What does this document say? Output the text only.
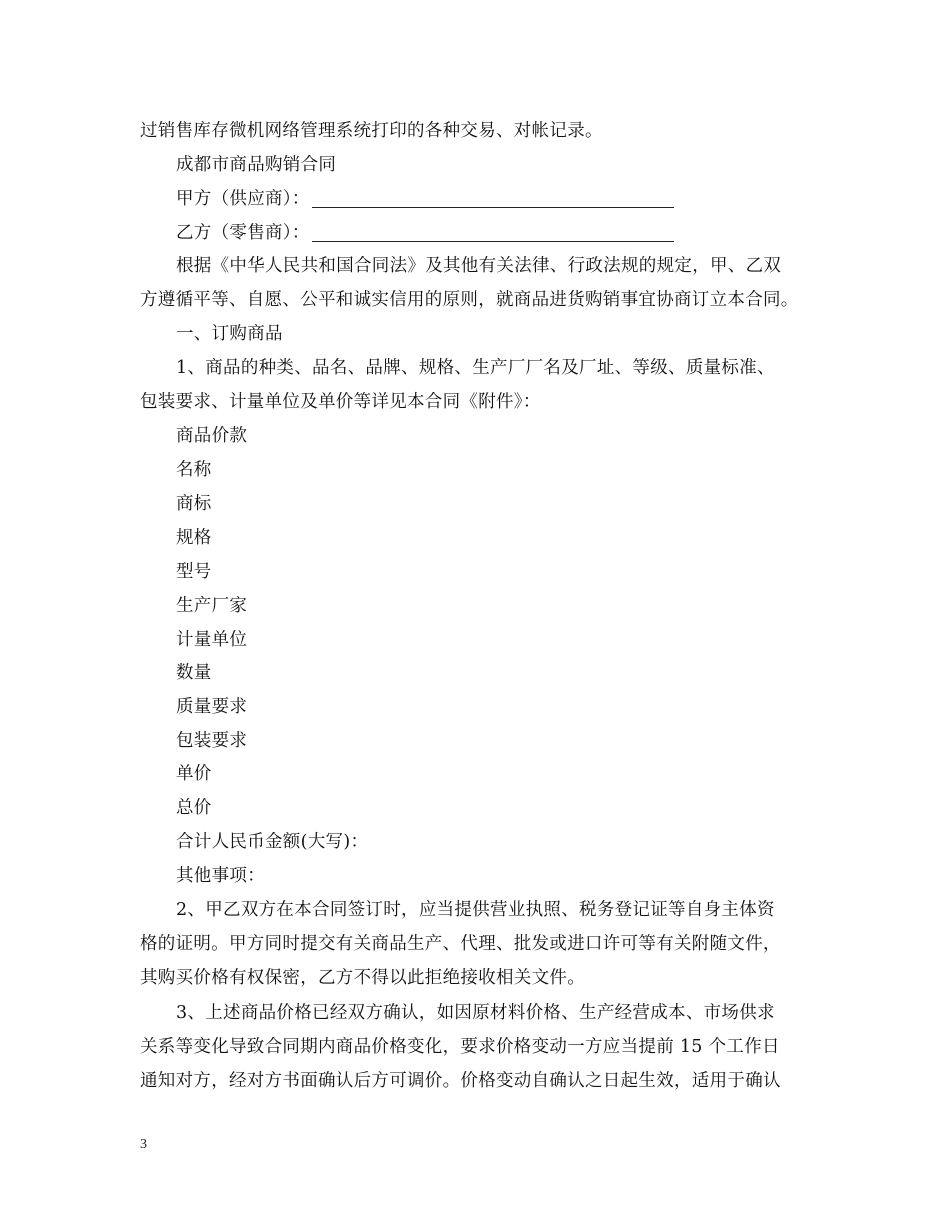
过销售库存微机网络管理系统打印的各种交易、对帐记录。
成都市商品购销合同
甲方（供应商）：
乙方（零售商）：
根据《中华人民共和国合同法》及其他有关法律、行政法规的规定，甲、乙双
方遵循平等、自愿、公平和诚实信用的原则，就商品进货购销事宜协商订立本合同。
一、订购商品
1、商品的种类、品名、品牌、规格、生产厂厂名及厂址、等级、质量标准、
包装要求、计量单位及单价等详见本合同《附件》：
商品价款
名称
商标
规格
型号
生产厂家
计量单位
数量
质量要求
包装要求
单价
总价
合计人民币金额(大写)：
其他事项：
2、甲乙双方在本合同签订时，应当提供营业执照、税务登记证等自身主体资
格的证明。甲方同时提交有关商品生产、代理、批发或进口许可等有关附随文件，
其购买价格有权保密，乙方不得以此拒绝接收相关文件。
3、上述商品价格已经双方确认，如因原材料价格、生产经营成本、市场供求
关系等变化导致合同期内商品价格变化，要求价格变动一方应当提前 15 个工作日
通知对方，经对方书面确认后方可调价。价格变动自确认之日起生效，适用于确认
3
